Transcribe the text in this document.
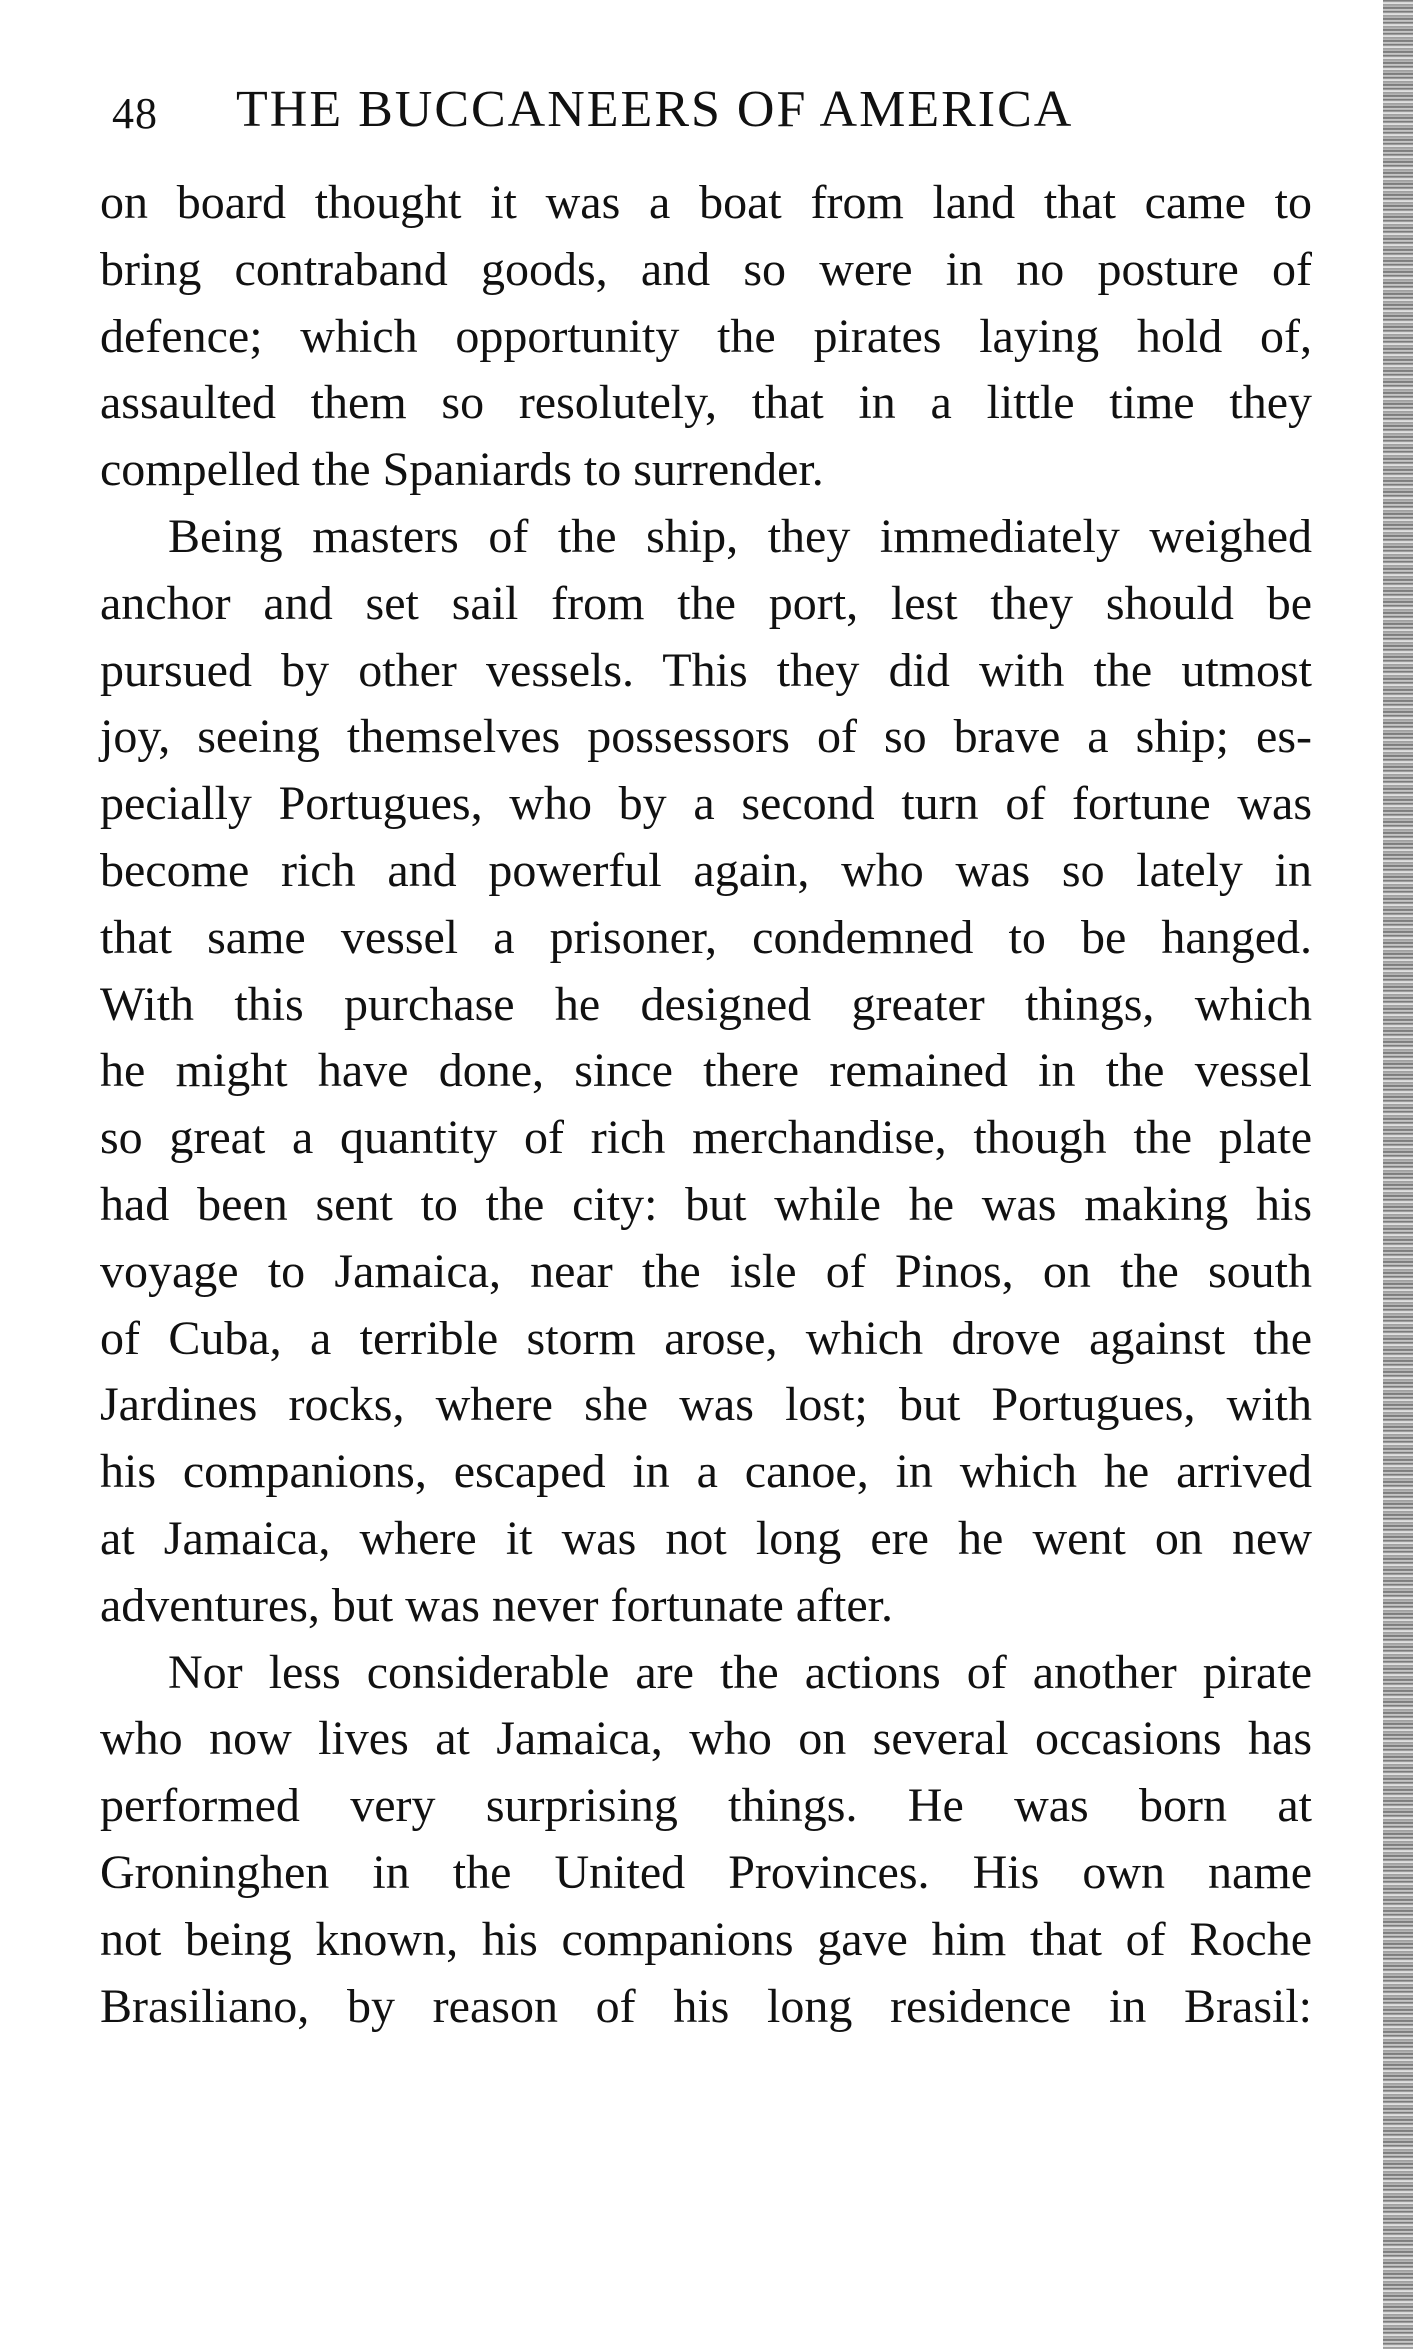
48 THE BUCCANEERS OF AMERICA
on board thought it was a boat from land that came to
bring contraband goods, and so were in no posture of
defence; which opportunity the pirates laying hold of,
assaulted them so resolutely, that in a little time they
compelled the Spaniards to surrender.
Being masters of the ship, they immediately weighed
anchor and set sail from the port, lest they should be
pursued by other vessels. This they did with the utmost
joy, seeing themselves possessors of so brave a ship; es-
pecially Portugues, who by a second turn of fortune was
become rich and powerful again, who was so lately in
that same vessel a prisoner, condemned to be hanged.
With this purchase he designed greater things, which
he might have done, since there remained in the vessel
so great a quantity of rich merchandise, though the plate
had been sent to the city: but while he was making his
voyage to Jamaica, near the isle of Pinos, on the south
of Cuba, a terrible storm arose, which drove against the
Jardines rocks, where she was lost; but Portugues, with
his companions, escaped in a canoe, in which he arrived
at Jamaica, where it was not long ere he went on new
adventures, but was never fortunate after.
Nor less considerable are the actions of another pirate
who now lives at Jamaica, who on several occasions has
performed very surprising things. He was born at
Groninghen in the United Provinces. His own name
not being known, his companions gave him that of Roche
Brasiliano, by reason of his long residence in Brasil:
